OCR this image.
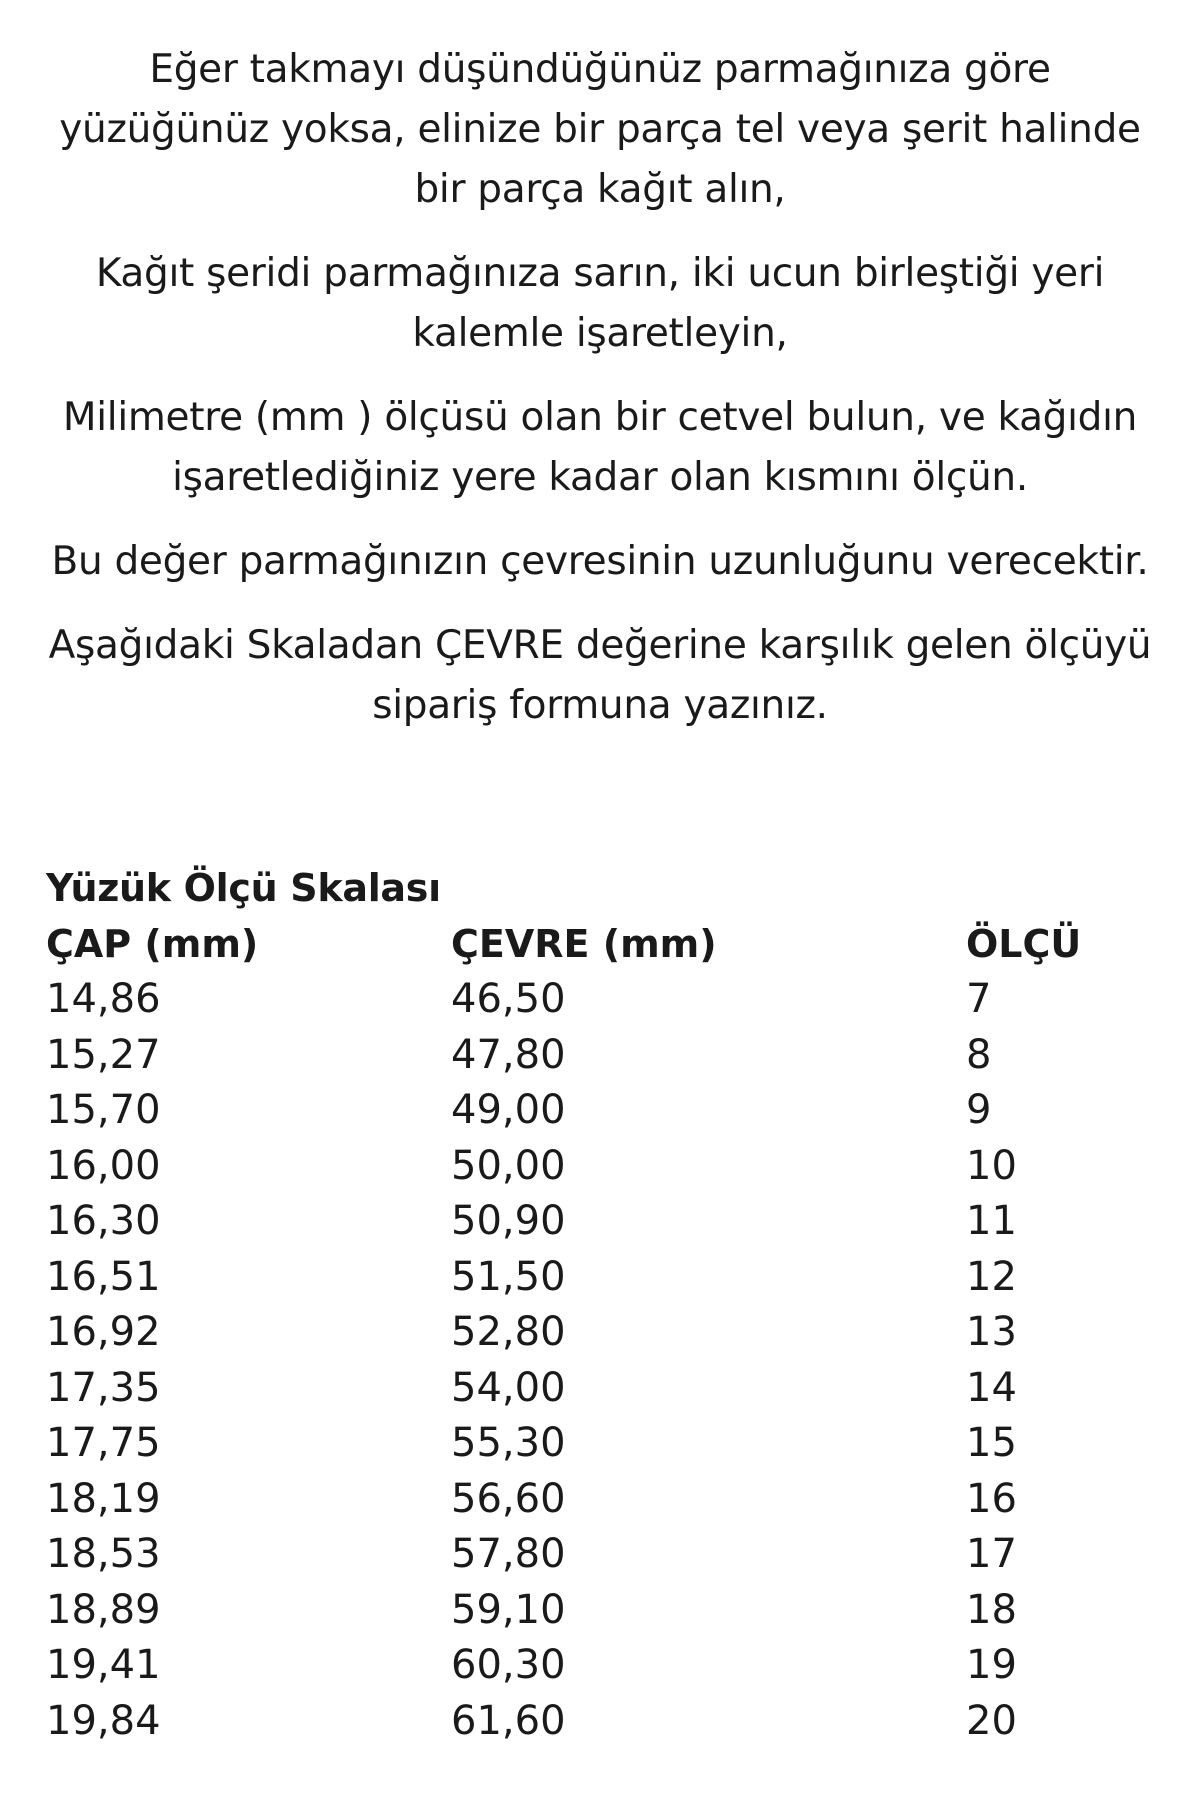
Eğer takmayı düşündüğünüz parmağınıza göre
yüzüğünüz yoksa, elinize bir parça tel veya şerit halinde
bir parça kağıt alın,

Kağıt şeridi parmağınıza sarın, iki ucun birleştiği yeri
kalemle işaretleyin,

Milimetre (mm ) ölçüsü olan bir cetvel bulun, ve kağıdın
işaretlediğiniz yere kadar olan kısmını ölçün.

Bu değer parmağınızın çevresinin uzunluğunu verecektir.

Aşağıdaki Skaladan ÇEVRE değerine karşılık gelen ölçüyü
sipariş formuna yazınız.

Yüzük Ölçü Skalası
ÇAP (mm)	ÇEVRE (mm)	ÖLÇÜ
14,86	46,50	7
15,27	47,80	8
15,70	49,00	9
16,00	50,00	10
16,30	50,90	11
16,51	51,50	12
16,92	52,80	13
17,35	54,00	14
17,75	55,30	15
18,19	56,60	16
18,53	57,80	17
18,89	59,10	18
19,41	60,30	19
19,84	61,60	20
